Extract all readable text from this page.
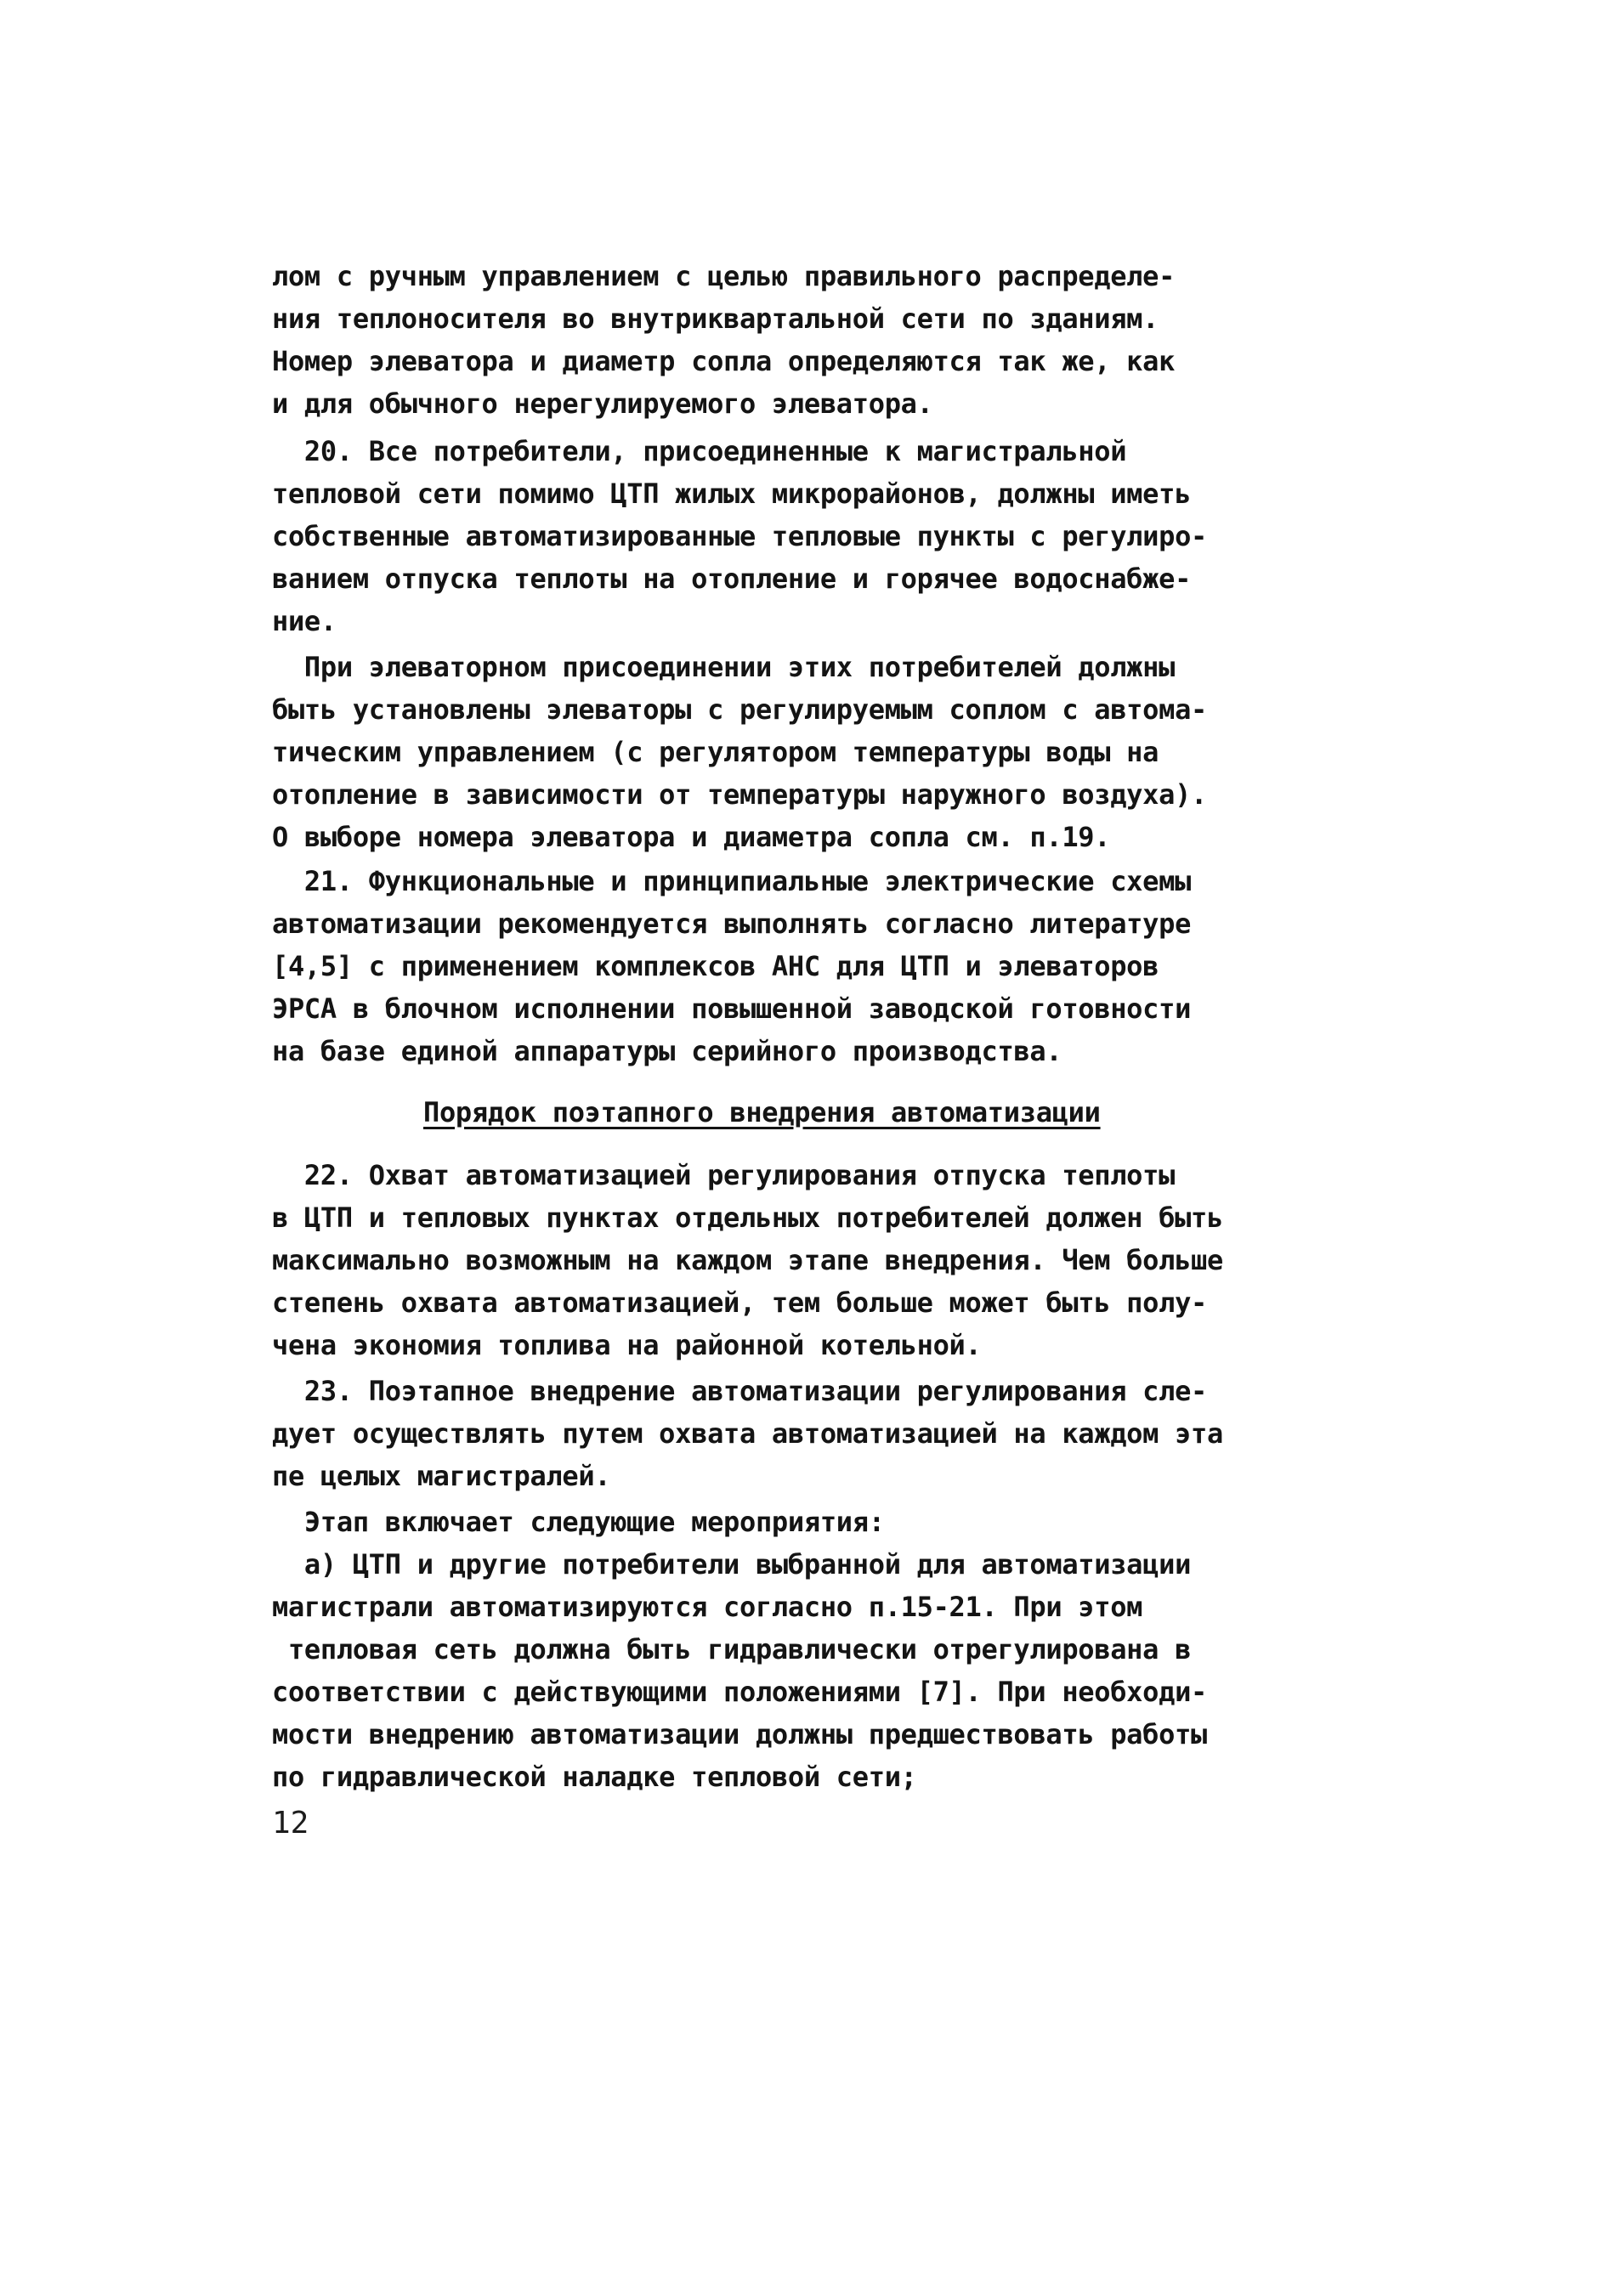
лом с ручным управлением с целью правильного распределе-
ния теплоносителя во внутриквартальной сети по зданиям.
Номер элеватора и диаметр сопла определяются так же, как
и для обычного нерегулируемого элеватора.
20. Все потребители, присоединенные к магистральной
тепловой сети помимо ЦТП жилых микрорайонов, должны иметь
собственные автоматизированные тепловые пункты с регулиро-
ванием отпуска теплоты на отопление и горячее водоснабже-
ние.
При элеваторном присоединении этих потребителей должны
быть установлены элеваторы с регулируемым соплом с автома-
тическим управлением (с регулятором температуры воды на
отопление в зависимости от температуры наружного воздуха).
О выборе номера элеватора и диаметра сопла см. п.19.
21. Функциональные и принципиальные электрические схемы
автоматизации рекомендуется выполнять согласно литературе
[4,5] с применением комплексов АНС для ЦТП и элеваторов
ЭРСА в блочном исполнении повышенной заводской готовности
на базе единой аппаратуры серийного производства.
Порядок поэтапного внедрения автоматизации
22. Охват автоматизацией регулирования отпуска теплоты
в ЦТП и тепловых пунктах отдельных потребителей должен быть
максимально возможным на каждом этапе внедрения. Чем больше
степень охвата автоматизацией, тем больше может быть полу-
чена экономия топлива на районной котельной.
23. Поэтапное внедрение автоматизации регулирования сле-
дует осуществлять путем охвата автоматизацией на каждом эта
пе целых магистралей.
Этап включает следующие мероприятия:
а) ЦТП и другие потребители выбранной для автоматизации
магистрали автоматизируются согласно п.15-21. При этом
тепловая сеть должна быть гидравлически отрегулирована в
соответствии с действующими положениями [7]. При необходи-
мости внедрению автоматизации должны предшествовать работы
по гидравлической наладке тепловой сети;
12
